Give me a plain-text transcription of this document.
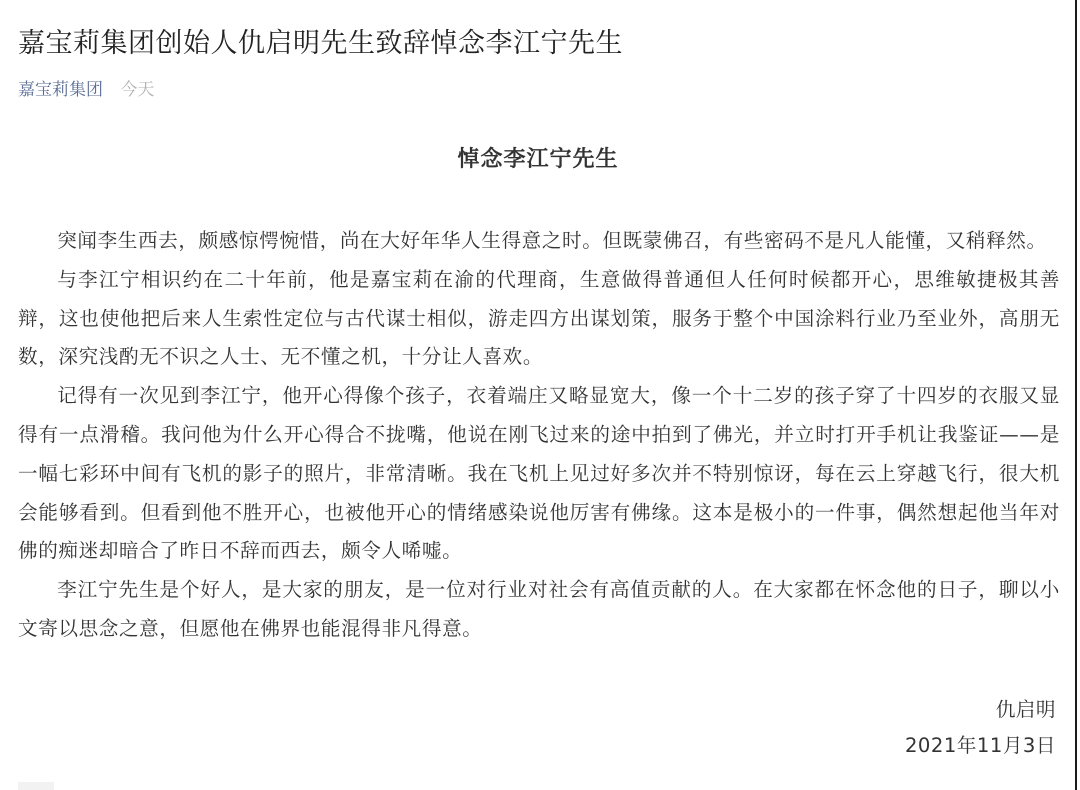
嘉宝莉集团创始人仇启明先生致辞悼念李江宁先生
嘉宝莉集团 今天
悼念李江宁先生

突闻李生西去，颇感惊愕惋惜，尚在大好年华人生得意之时。但既蒙佛召，有些密码不是凡人能懂，又稍释然。

与李江宁相识约在二十年前，他是嘉宝莉在渝的代理商，生意做得普通但人任何时候都开心，思维敏捷极其善辩，这也使他把后来人生索性定位与古代谋士相似，游走四方出谋划策，服务于整个中国涂料行业乃至业外，高朋无数，深究浅酌无不识之人士、无不懂之机，十分让人喜欢。

记得有一次见到李江宁，他开心得像个孩子，衣着端庄又略显宽大，像一个十二岁的孩子穿了十四岁的衣服又显得有一点滑稽。我问他为什么开心得合不拢嘴，他说在刚飞过来的途中拍到了佛光，并立时打开手机让我鉴证——是一幅七彩环中间有飞机的影子的照片，非常清晰。我在飞机上见过好多次并不特别惊讶，每在云上穿越飞行，很大机会能够看到。但看到他不胜开心，也被他开心的情绪感染说他厉害有佛缘。这本是极小的一件事，偶然想起他当年对佛的痴迷却暗合了昨日不辞而西去，颇令人唏嘘。

李江宁先生是个好人，是大家的朋友，是一位对行业对社会有高值贡献的人。在大家都在怀念他的日子，聊以小文寄以思念之意，但愿他在佛界也能混得非凡得意。

仇启明
2021年11月3日
